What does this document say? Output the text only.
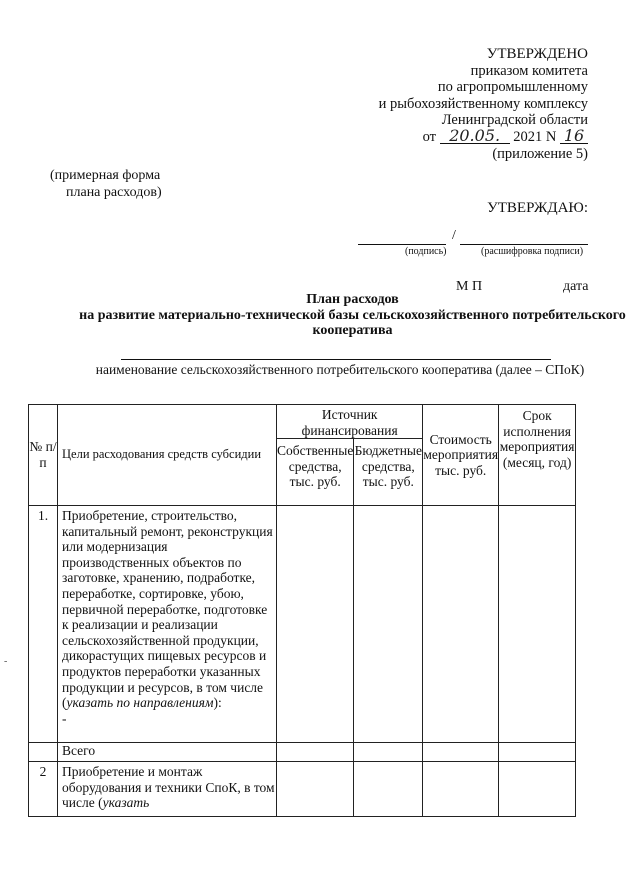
УТВЕРЖДЕНО
приказом комитета
по агропромышленному
и рыбохозяйственному комплексу
Ленинградской области
от 20.05. 2021 N 16
(приложение 5)
(примерная форма
плана расходов)
УТВЕРЖДАЮ:
/
(подпись)	(расшифровка подписи)
М П	дата
План расходов
на развитие материально-технической базы сельскохозяйственного потребительского
кооператива
наименование сельскохозяйственного потребительского кооператива (далее – СПоК)
-
№ п/п	Цели расходования средств субсидии	Источник финансирования		Стоимость мероприятия тыс. руб.	Срок исполнения мероприятия (месяц, год)
		Собственные средства, тыс. руб.	Бюджетные средства, тыс. руб.		
1.	Приобретение, строительство, капитальный ремонт, реконструкция или модернизация производственных объектов по заготовке, хранению, подработке, переработке, сортировке, убою, первичной переработке, подготовке к реализации и реализации сельскохозяйственной продукции, дикорастущих пищевых ресурсов и продуктов переработки указанных продукции и ресурсов, в том числе (указать по направлениям):
-				
	Всего				
2	Приобретение и монтаж оборудования и техники СпоК, в том числе (указать				
